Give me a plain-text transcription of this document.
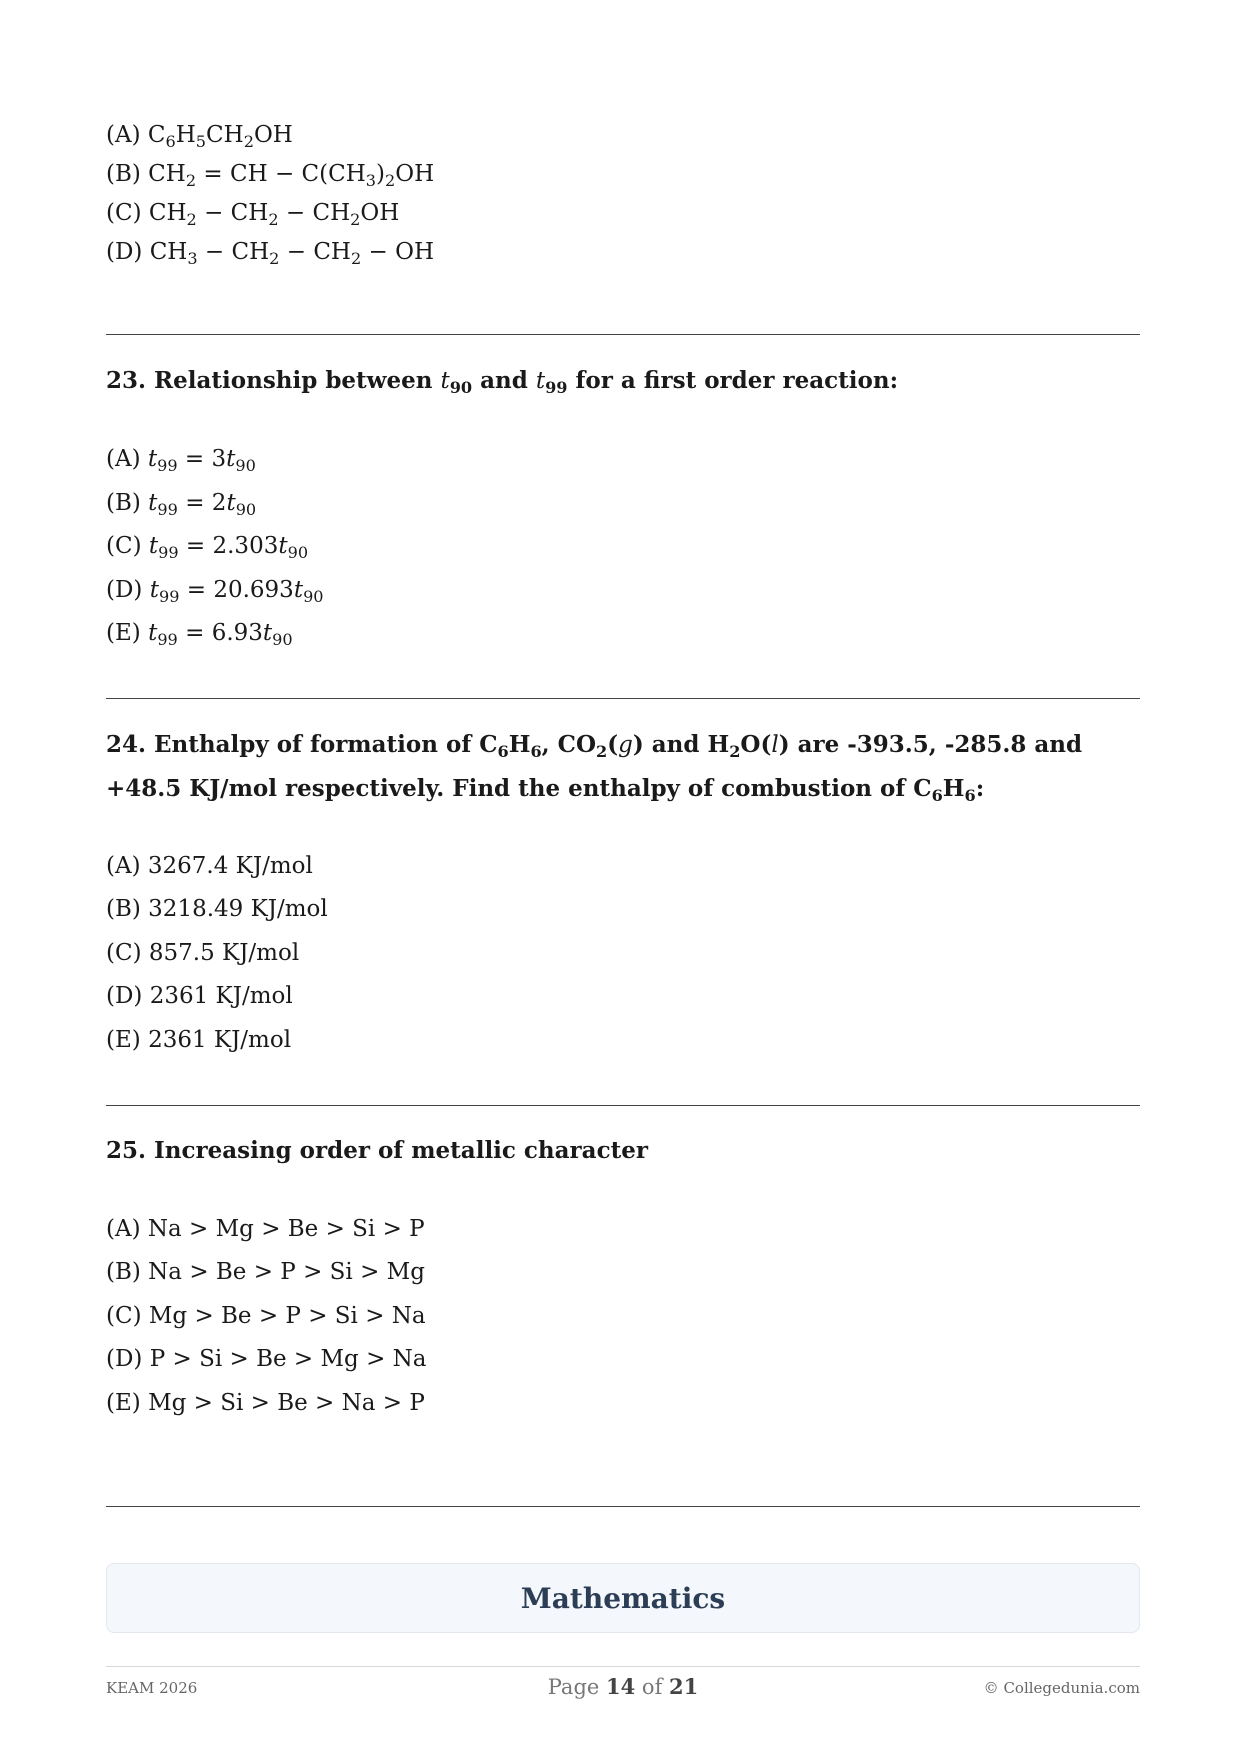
(A) $C_6H_5CH_2OH$
(B) $CH_2$ = CH − $C(CH_3)_2OH$
(C) $CH_2 - CH_2 - CH_2OH$
(D) $CH_3 - CH_2 - CH_2$ − OH
23. Relationship between $t_{90}$ and $t_{99}$ for a first order reaction:
(A) $t_{99} = 3t_{90}$
(B) $t_{99} = 2t_{90}$
(C) $t_{99} = 2.303t_{90}$
(D) $t_{99} = 20.693t_{90}$
(E) $t_{99} = 6.93t_{90}$
24. Enthalpy of formation of $C_6H_6$, $CO_2(g)$ and $H_2O(l)$ are -393.5, -285.8 and +48.5 KJ/mol respectively. Find the enthalpy of combustion of $C_6H_6$:
(A) 3267.4 KJ/mol
(B) 3218.49 KJ/mol
(C) 857.5 KJ/mol
(D) 2361 KJ/mol
(E) 2361 KJ/mol
25. Increasing order of metallic character
(A) Na > Mg > Be > Si > P
(B) Na > Be > P > Si > Mg
(C) Mg > Be > P > Si > Na
(D) P > Si > Be > Mg > Na
(E) Mg > Si > Be > Na > P
Mathematics
KEAM 2026	Page 14 of 21	© Collegedunia.com
